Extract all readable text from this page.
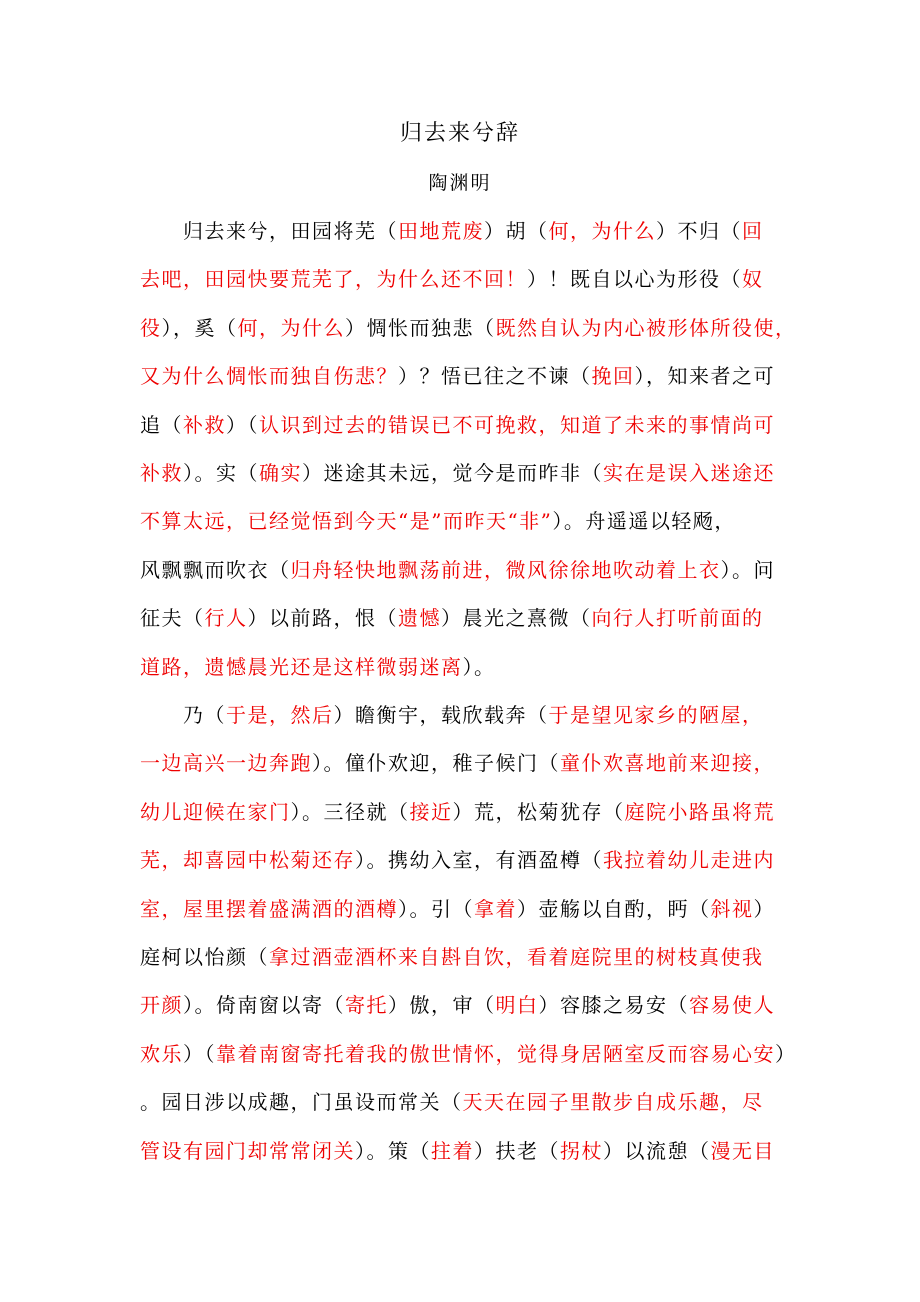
归去来兮辞
陶渊明
　　归去来兮，田园将芜（田地荒废）胡（何，为什么）不归（回
去吧，田园快要荒芜了，为什么还不回！）！既自以心为形役（奴
役），奚（何，为什么）惆怅而独悲（既然自认为内心被形体所役使，
又为什么惆怅而独自伤悲？）？悟已往之不谏（挽回），知来者之可
追（补救）（认识到过去的错误已不可挽救，知道了未来的事情尚可
补救）。实（确实）迷途其未远，觉今是而昨非（实在是误入迷途还
不算太远，已经觉悟到今天“是”而昨天“非”）。舟遥遥以轻飏，
风飘飘而吹衣（归舟轻快地飘荡前进，微风徐徐地吹动着上衣）。问
征夫（行人）以前路，恨（遗憾）晨光之熹微（向行人打听前面的
道路，遗憾晨光还是这样微弱迷离）。
　　乃（于是，然后）瞻衡宇，载欣载奔（于是望见家乡的陋屋，
一边高兴一边奔跑）。僮仆欢迎，稚子候门（童仆欢喜地前来迎接，
幼儿迎候在家门）。三径就（接近）荒，松菊犹存（庭院小路虽将荒
芜，却喜园中松菊还存）。携幼入室，有酒盈樽（我拉着幼儿走进内
室，屋里摆着盛满酒的酒樽）。引（拿着）壶觞以自酌，眄（斜视）
庭柯以怡颜（拿过酒壶酒杯来自斟自饮，看着庭院里的树枝真使我
开颜）。倚南窗以寄（寄托）傲，审（明白）容膝之易安（容易使人
欢乐）（靠着南窗寄托着我的傲世情怀，觉得身居陋室反而容易心安）
。园日涉以成趣，门虽设而常关（天天在园子里散步自成乐趣，尽
管设有园门却常常闭关）。策（拄着）扶老（拐杖）以流憩（漫无目
